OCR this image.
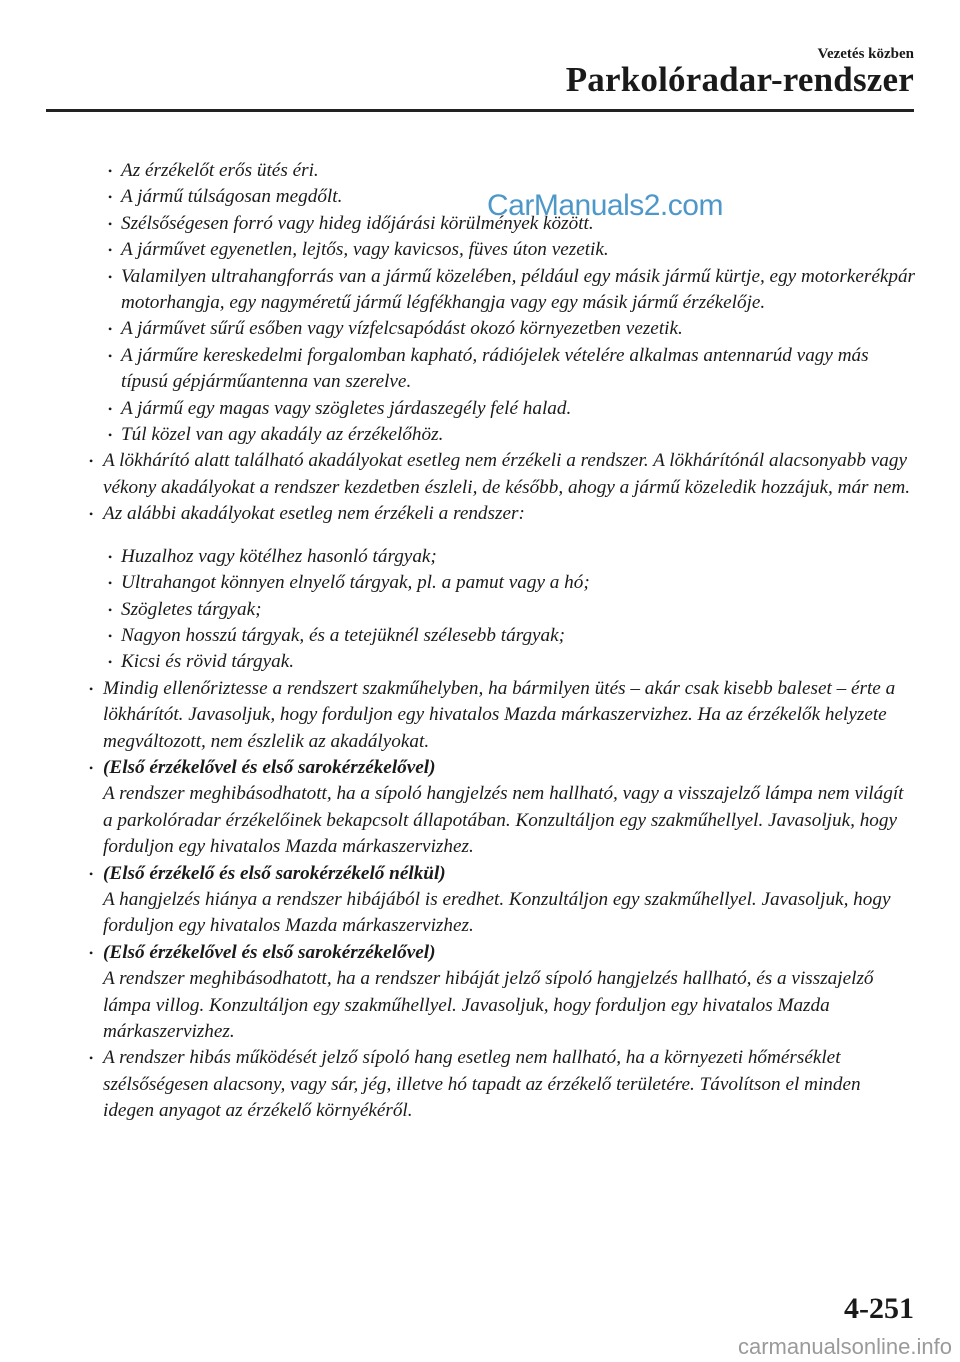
Vezetés közben
Parkolóradar-rendszer
CarManuals2.com
• Az érzékelőt erős ütés éri.
• A jármű túlságosan megdőlt.
• Szélsőségesen forró vagy hideg időjárási körülmények között.
• A járművet egyenetlen, lejtős, vagy kavicsos, füves úton vezetik.
• Valamilyen ultrahangforrás van a jármű közelében, például egy másik jármű kürtje, egy motorkerékpár motorhangja, egy nagyméretű jármű légfékhangja vagy egy másik jármű érzékelője.
• A járművet sűrű esőben vagy vízfelcsapódást okozó környezetben vezetik.
• A járműre kereskedelmi forgalomban kapható, rádiójelek vételére alkalmas antennarúd vagy más típusú gépjárműantenna van szerelve.
• A jármű egy magas vagy szögletes járdaszegély felé halad.
• Túl közel van agy akadály az érzékelőhöz.
• A lökhárító alatt található akadályokat esetleg nem érzékeli a rendszer. A lökhárítónál alacsonyabb vagy vékony akadályokat a rendszer kezdetben észleli, de később, ahogy a jármű közeledik hozzájuk, már nem.
• Az alábbi akadályokat esetleg nem érzékeli a rendszer:
• Huzalhoz vagy kötélhez hasonló tárgyak;
• Ultrahangot könnyen elnyelő tárgyak, pl. a pamut vagy a hó;
• Szögletes tárgyak;
• Nagyon hosszú tárgyak, és a tetejüknél szélesebb tárgyak;
• Kicsi és rövid tárgyak.
• Mindig ellenőriztesse a rendszert szakműhelyben, ha bármilyen ütés – akár csak kisebb baleset – érte a lökhárítót. Javasoljuk, hogy forduljon egy hivatalos Mazda márkaszervizhez. Ha az érzékelők helyzete megváltozott, nem észlelik az akadályokat.
• (Első érzékelővel és első sarokérzékelővel)
A rendszer meghibásodhatott, ha a sípoló hangjelzés nem hallható, vagy a visszajelző lámpa nem világít a parkolóradar érzékelőinek bekapcsolt állapotában. Konzultáljon egy szakműhellyel. Javasoljuk, hogy forduljon egy hivatalos Mazda márkaszervizhez.
• (Első érzékelő és első sarokérzékelő nélkül)
A hangjelzés hiánya a rendszer hibájából is eredhet. Konzultáljon egy szakműhellyel. Javasoljuk, hogy forduljon egy hivatalos Mazda márkaszervizhez.
• (Első érzékelővel és első sarokérzékelővel)
A rendszer meghibásodhatott, ha a rendszer hibáját jelző sípoló hangjelzés hallható, és a visszajelző lámpa villog. Konzultáljon egy szakműhellyel. Javasoljuk, hogy forduljon egy hivatalos Mazda márkaszervizhez.
• A rendszer hibás működését jelző sípoló hang esetleg nem hallható, ha a környezeti hőmérséklet szélsőségesen alacsony, vagy sár, jég, illetve hó tapadt az érzékelő területére. Távolítson el minden idegen anyagot az érzékelő környékéről.
4-251
carmanualsonline.info
